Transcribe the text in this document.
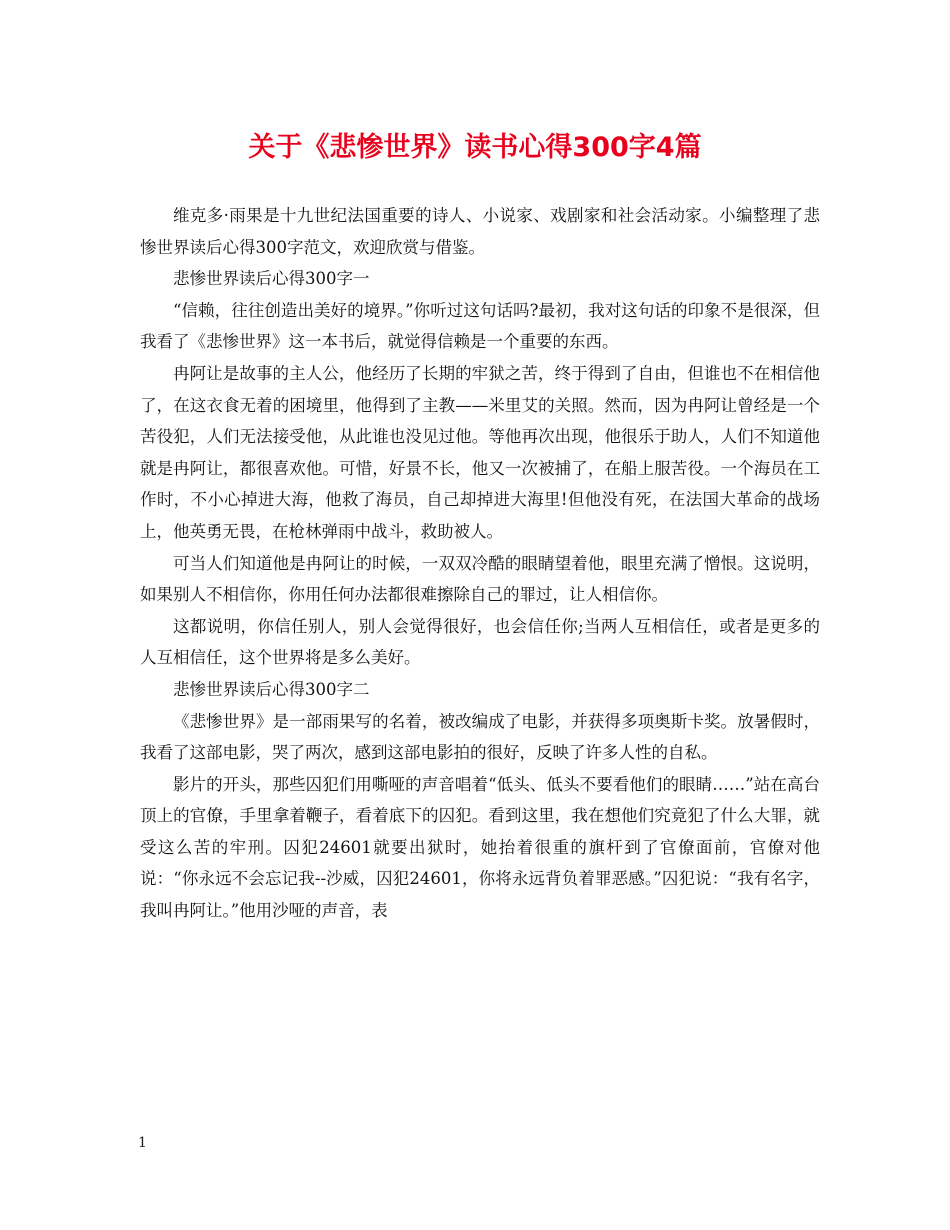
关于《悲惨世界》读书心得300字4篇

维克多·雨果是十九世纪法国重要的诗人、小说家、戏剧家和社会活动家。小编整理了悲惨世界读后心得300字范文，欢迎欣赏与借鉴。

悲惨世界读后心得300字一

“信赖，往往创造出美好的境界。”你听过这句话吗?最初，我对这句话的印象不是很深，但我看了《悲惨世界》这一本书后，就觉得信赖是一个重要的东西。

冉阿让是故事的主人公，他经历了长期的牢狱之苦，终于得到了自由，但谁也不在相信他了，在这衣食无着的困境里，他得到了主教——米里艾的关照。然而，因为冉阿让曾经是一个苦役犯，人们无法接受他，从此谁也没见过他。等他再次出现，他很乐于助人，人们不知道他就是冉阿让，都很喜欢他。可惜，好景不长，他又一次被捕了，在船上服苦役。一个海员在工作时，不小心掉进大海，他救了海员，自己却掉进大海里!但他没有死，在法国大革命的战场上，他英勇无畏，在枪林弹雨中战斗，救助被人。

可当人们知道他是冉阿让的时候，一双双冷酷的眼睛望着他，眼里充满了憎恨。这说明，如果别人不相信你，你用任何办法都很难擦除自己的罪过，让人相信你。

这都说明，你信任别人，别人会觉得很好，也会信任你;当两人互相信任，或者是更多的人互相信任，这个世界将是多么美好。

悲惨世界读后心得300字二

《悲惨世界》是一部雨果写的名着，被改编成了电影，并获得多项奥斯卡奖。放暑假时，我看了这部电影，哭了两次，感到这部电影拍的很好，反映了许多人性的自私。

影片的开头，那些囚犯们用嘶哑的声音唱着“低头、低头不要看他们的眼睛……”站在高台顶上的官僚，手里拿着鞭子，看着底下的囚犯。看到这里，我在想他们究竟犯了什么大罪，就受这么苦的牢刑。囚犯24601就要出狱时，她抬着很重的旗杆到了官僚面前，官僚对他说：“你永远不会忘记我--沙威，囚犯24601，你将永远背负着罪恶感。”囚犯说：“我有名字，我叫冉阿让。”他用沙哑的声音，表

1
